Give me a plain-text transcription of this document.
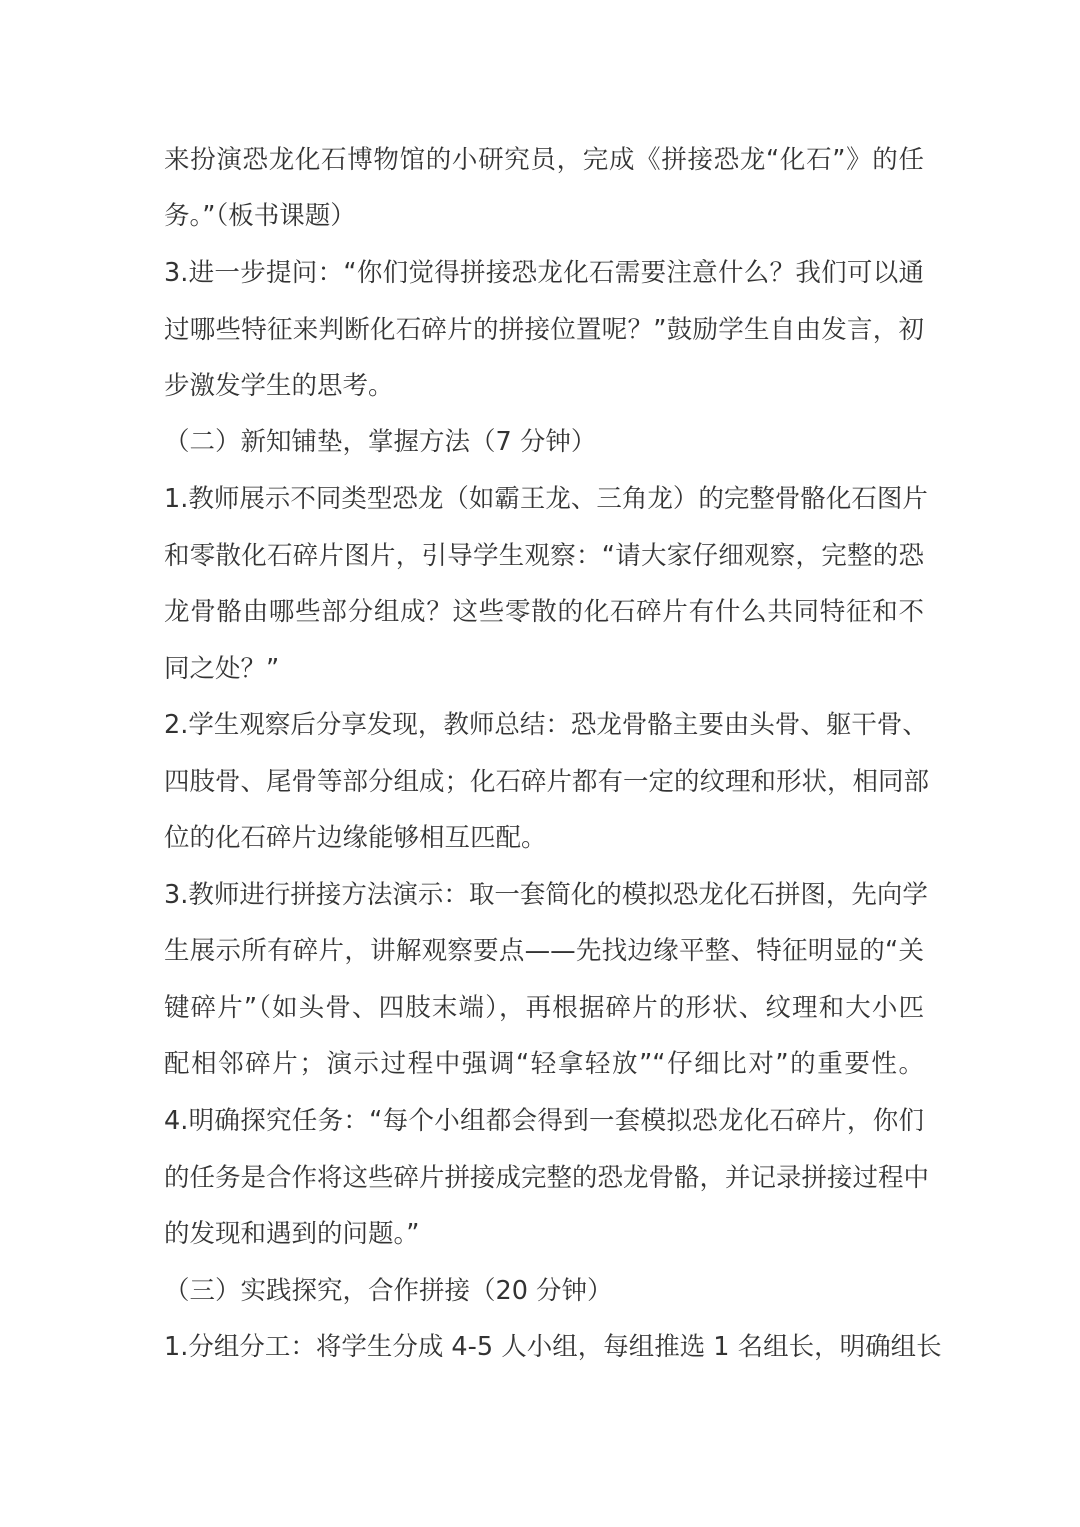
来扮演恐龙化石博物馆的小研究员，完成《拼接恐龙“化石”》的任
务。”（板书课题）
3.进一步提问：“你们觉得拼接恐龙化石需要注意什么？我们可以通
过哪些特征来判断化石碎片的拼接位置呢？”鼓励学生自由发言，初
步激发学生的思考。
（二）新知铺垫，掌握方法（7 分钟）
1.教师展示不同类型恐龙（如霸王龙、三角龙）的完整骨骼化石图片
和零散化石碎片图片，引导学生观察：“请大家仔细观察，完整的恐
龙骨骼由哪些部分组成？这些零散的化石碎片有什么共同特征和不
同之处？”
2.学生观察后分享发现，教师总结：恐龙骨骼主要由头骨、躯干骨、
四肢骨、尾骨等部分组成；化石碎片都有一定的纹理和形状，相同部
位的化石碎片边缘能够相互匹配。
3.教师进行拼接方法演示：取一套简化的模拟恐龙化石拼图，先向学
生展示所有碎片，讲解观察要点——先找边缘平整、特征明显的“关
键碎片”（如头骨、四肢末端），再根据碎片的形状、纹理和大小匹
配相邻碎片；演示过程中强调“轻拿轻放”“仔细比对”的重要性。
4.明确探究任务：“每个小组都会得到一套模拟恐龙化石碎片，你们
的任务是合作将这些碎片拼接成完整的恐龙骨骼，并记录拼接过程中
的发现和遇到的问题。”
（三）实践探究，合作拼接（20 分钟）
1.分组分工：将学生分成 4-5 人小组，每组推选 1 名组长，明确组长
